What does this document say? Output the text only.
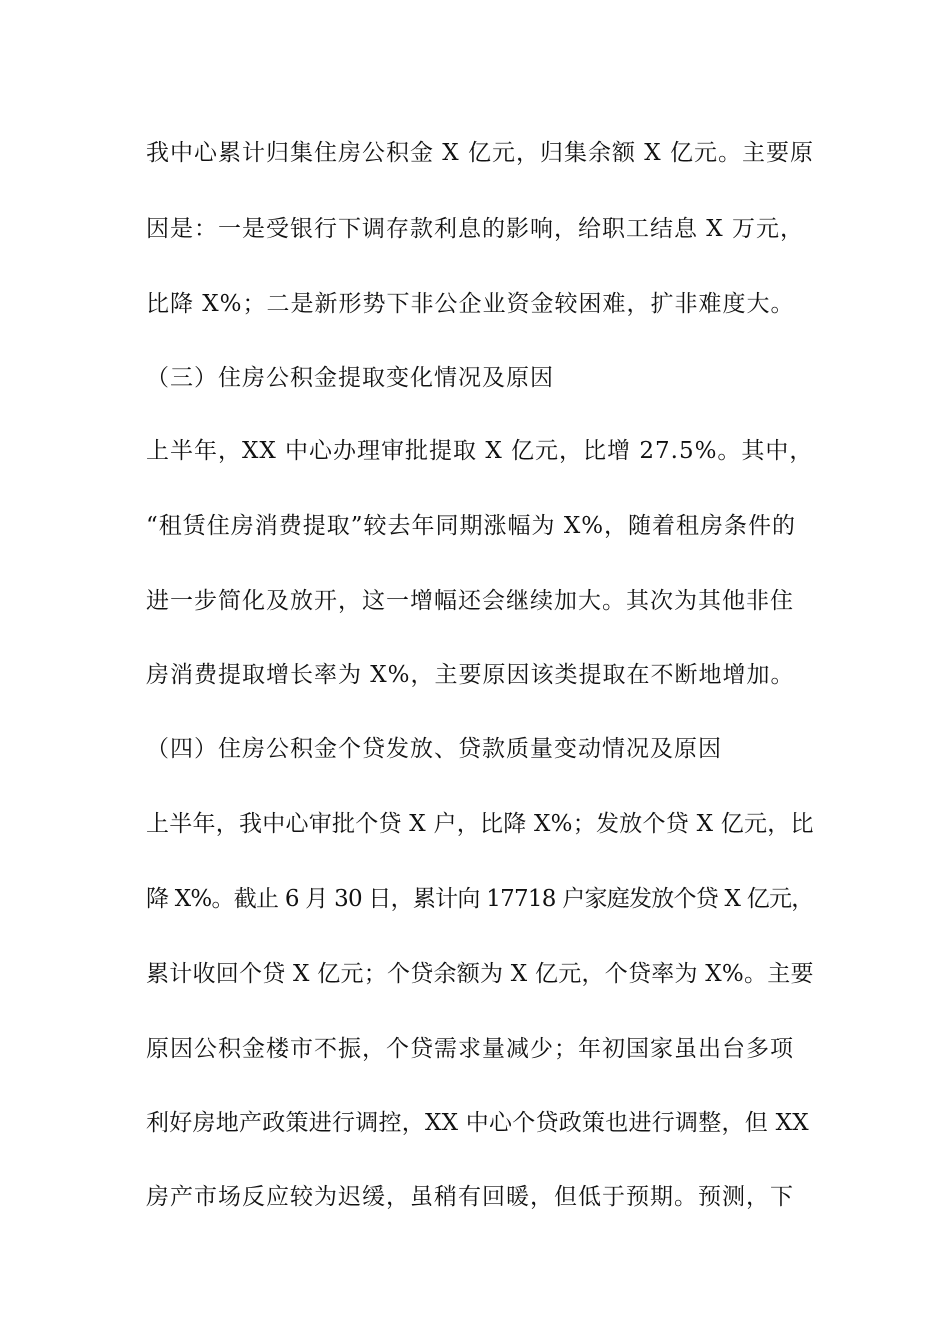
我中心累计归集住房公积金 X 亿元，归集余额 X 亿元。主要原
因是：一是受银行下调存款利息的影响，给职工结息 X 万元，
比降 X%；二是新形势下非公企业资金较困难，扩非难度大。
（三）住房公积金提取变化情况及原因
上半年，XX 中心办理审批提取 X 亿元，比增 27.5%。其中，
“租赁住房消费提取”较去年同期涨幅为 X%，随着租房条件的
进一步简化及放开，这一增幅还会继续加大。其次为其他非住
房消费提取增长率为 X%，主要原因该类提取在不断地增加。
（四）住房公积金个贷发放、贷款质量变动情况及原因
上半年，我中心审批个贷 X 户，比降 X%；发放个贷 X 亿元，比
降 X%。截止 6 月 30 日，累计向 17718 户家庭发放个贷 X 亿元，
累计收回个贷 X 亿元；个贷余额为 X 亿元，个贷率为 X%。主要
原因公积金楼市不振，个贷需求量减少；年初国家虽出台多项
利好房地产政策进行调控，XX 中心个贷政策也进行调整，但 XX
房产市场反应较为迟缓，虽稍有回暖，但低于预期。预测，下
